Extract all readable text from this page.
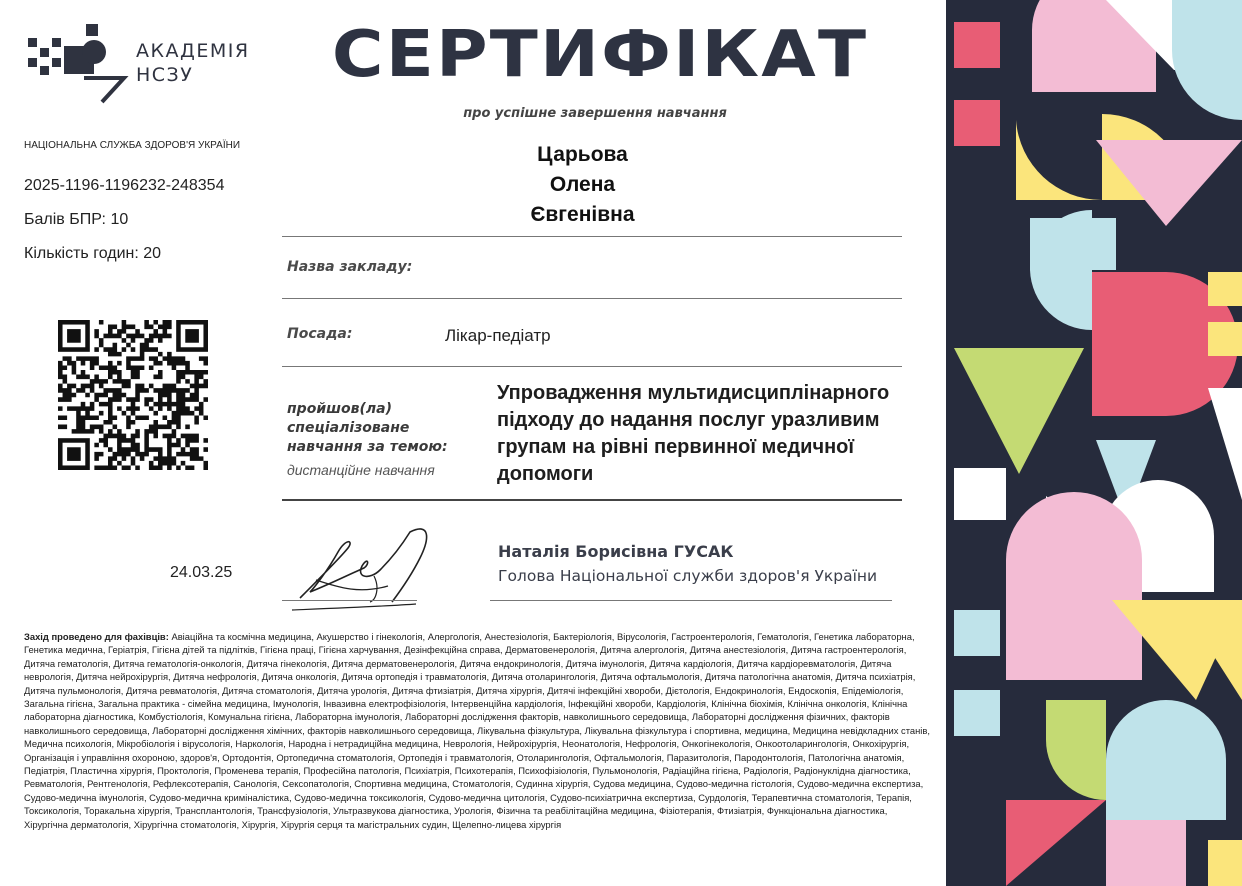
АКАДЕМІЯ
НСЗУ СЕРТИФІКАТ
про успішне завершення навчання
НАЦІОНАЛЬНА СЛУЖБА ЗДОРОВ'Я УКРАЇНИ
2025-1196-1196232-248354
Балів БПР: 10
Кількість годин: 20
Царьова
Олена
Євгенівна
Назва закладу:
Посада:	Лікар-педіатр
пройшов(ла) спеціалізоване навчання за темою:
дистанційне навчання
Упровадження мультидисциплінарного підходу до надання послуг уразливим групам на рівні первинної медичної допомоги
24.03.25
Наталія Борисівна ГУСАК
Голова Національної служби здоров'я України
Захід проведено для фахівців: Авіаційна та космічна медицина, Акушерство і гінекологія, Алергологія, Анестезіологія, Бактеріологія, Вірусологія, Гастроентерологія, Гематологія, Генетика лабораторна, Генетика медична, Геріатрія, Гігієна дітей та підлітків, Гігієна праці, Гігієна харчування, Дезінфекційна справа, Дерматовенерологія, Дитяча алергологія, Дитяча анестезіологія, Дитяча гастроентерологія, Дитяча гематологія, Дитяча гематологія-онкологія, Дитяча гінекологія, Дитяча дерматовенерологія, Дитяча ендокринологія, Дитяча імунологія, Дитяча кардіологія, Дитяча кардіоревматологія, Дитяча неврологія, Дитяча нейрохірургія, Дитяча нефрологія, Дитяча онкологія, Дитяча ортопедія і травматологія, Дитяча отоларингологія, Дитяча офтальмологія, Дитяча патологічна анатомія, Дитяча психіатрія, Дитяча пульмонологія, Дитяча ревматологія, Дитяча стоматологія, Дитяча урологія, Дитяча фтизіатрія, Дитяча хірургія, Дитячі інфекційні хвороби, Дієтологія, Ендокринологія, Ендоскопія, Епідеміологія, Загальна гігієна, Загальна практика - сімейна медицина, Імунологія, Інвазивна електрофізіологія, Інтервенційна кардіологія, Інфекційні хвороби, Кардіологія, Клінічна біохімія, Клінічна онкологія, Клінічна лабораторна діагностика, Комбустіологія, Комунальна гігієна, Лабораторна імунологія, Лабораторні дослідження факторів, навколишнього середовища, Лабораторні дослідження фізичних, факторів навколишнього середовища, Лабораторні дослідження хімічних, факторів навколишнього середовища, Лікувальна фізкультура, Лікувальна фізкультура і спортивна, медицина, Медицина невідкладних станів, Медична психологія, Мікробіологія і вірусологія, Наркологія, Народна і нетрадиційна медицина, Неврологія, Нейрохірургія, Неонатологія, Нефрологія, Онкогінекологія, Онкоотоларингологія, Онкохірургія, Організація і управління охороною, здоров'я, Ортодонтія, Ортопедична стоматологія, Ортопедія і травматологія, Отоларингологія, Офтальмологія, Паразитологія, Пародонтологія, Патологічна анатомія, Педіатрія, Пластична хірургія, Проктологія, Променева терапія, Професійна патологія, Психіатрія, Психотерапія, Психофізіологія, Пульмонологія, Радіаційна гігієна, Радіологія, Радіонуклідна діагностика, Ревматологія, Рентгенологія, Рефлексотерапія, Санологія, Сексопатологія, Спортивна медицина, Стоматологія, Судинна хірургія, Судова медицина, Судово-медична гістологія, Судово-медична експертиза, Судово-медична імунологія, Судово-медична криміналістика, Судово-медична токсикологія, Судово-медична цитологія, Судово-психіатрична експертиза, Сурдологія, Терапевтична стоматологія, Терапія, Токсикологія, Торакальна хірургія, Трансплантологія, Трансфузіологія, Ультразвукова діагностика, Урологія, Фізична та реабілітаційна медицина, Фізіотерапія, Фтизіатрія, Функціональна діагностика, Хірургічна дерматологія, Хірургічна стоматологія, Хірургія, Хірургія серця та магістральних судин, Щелепно-лицева хірургія
